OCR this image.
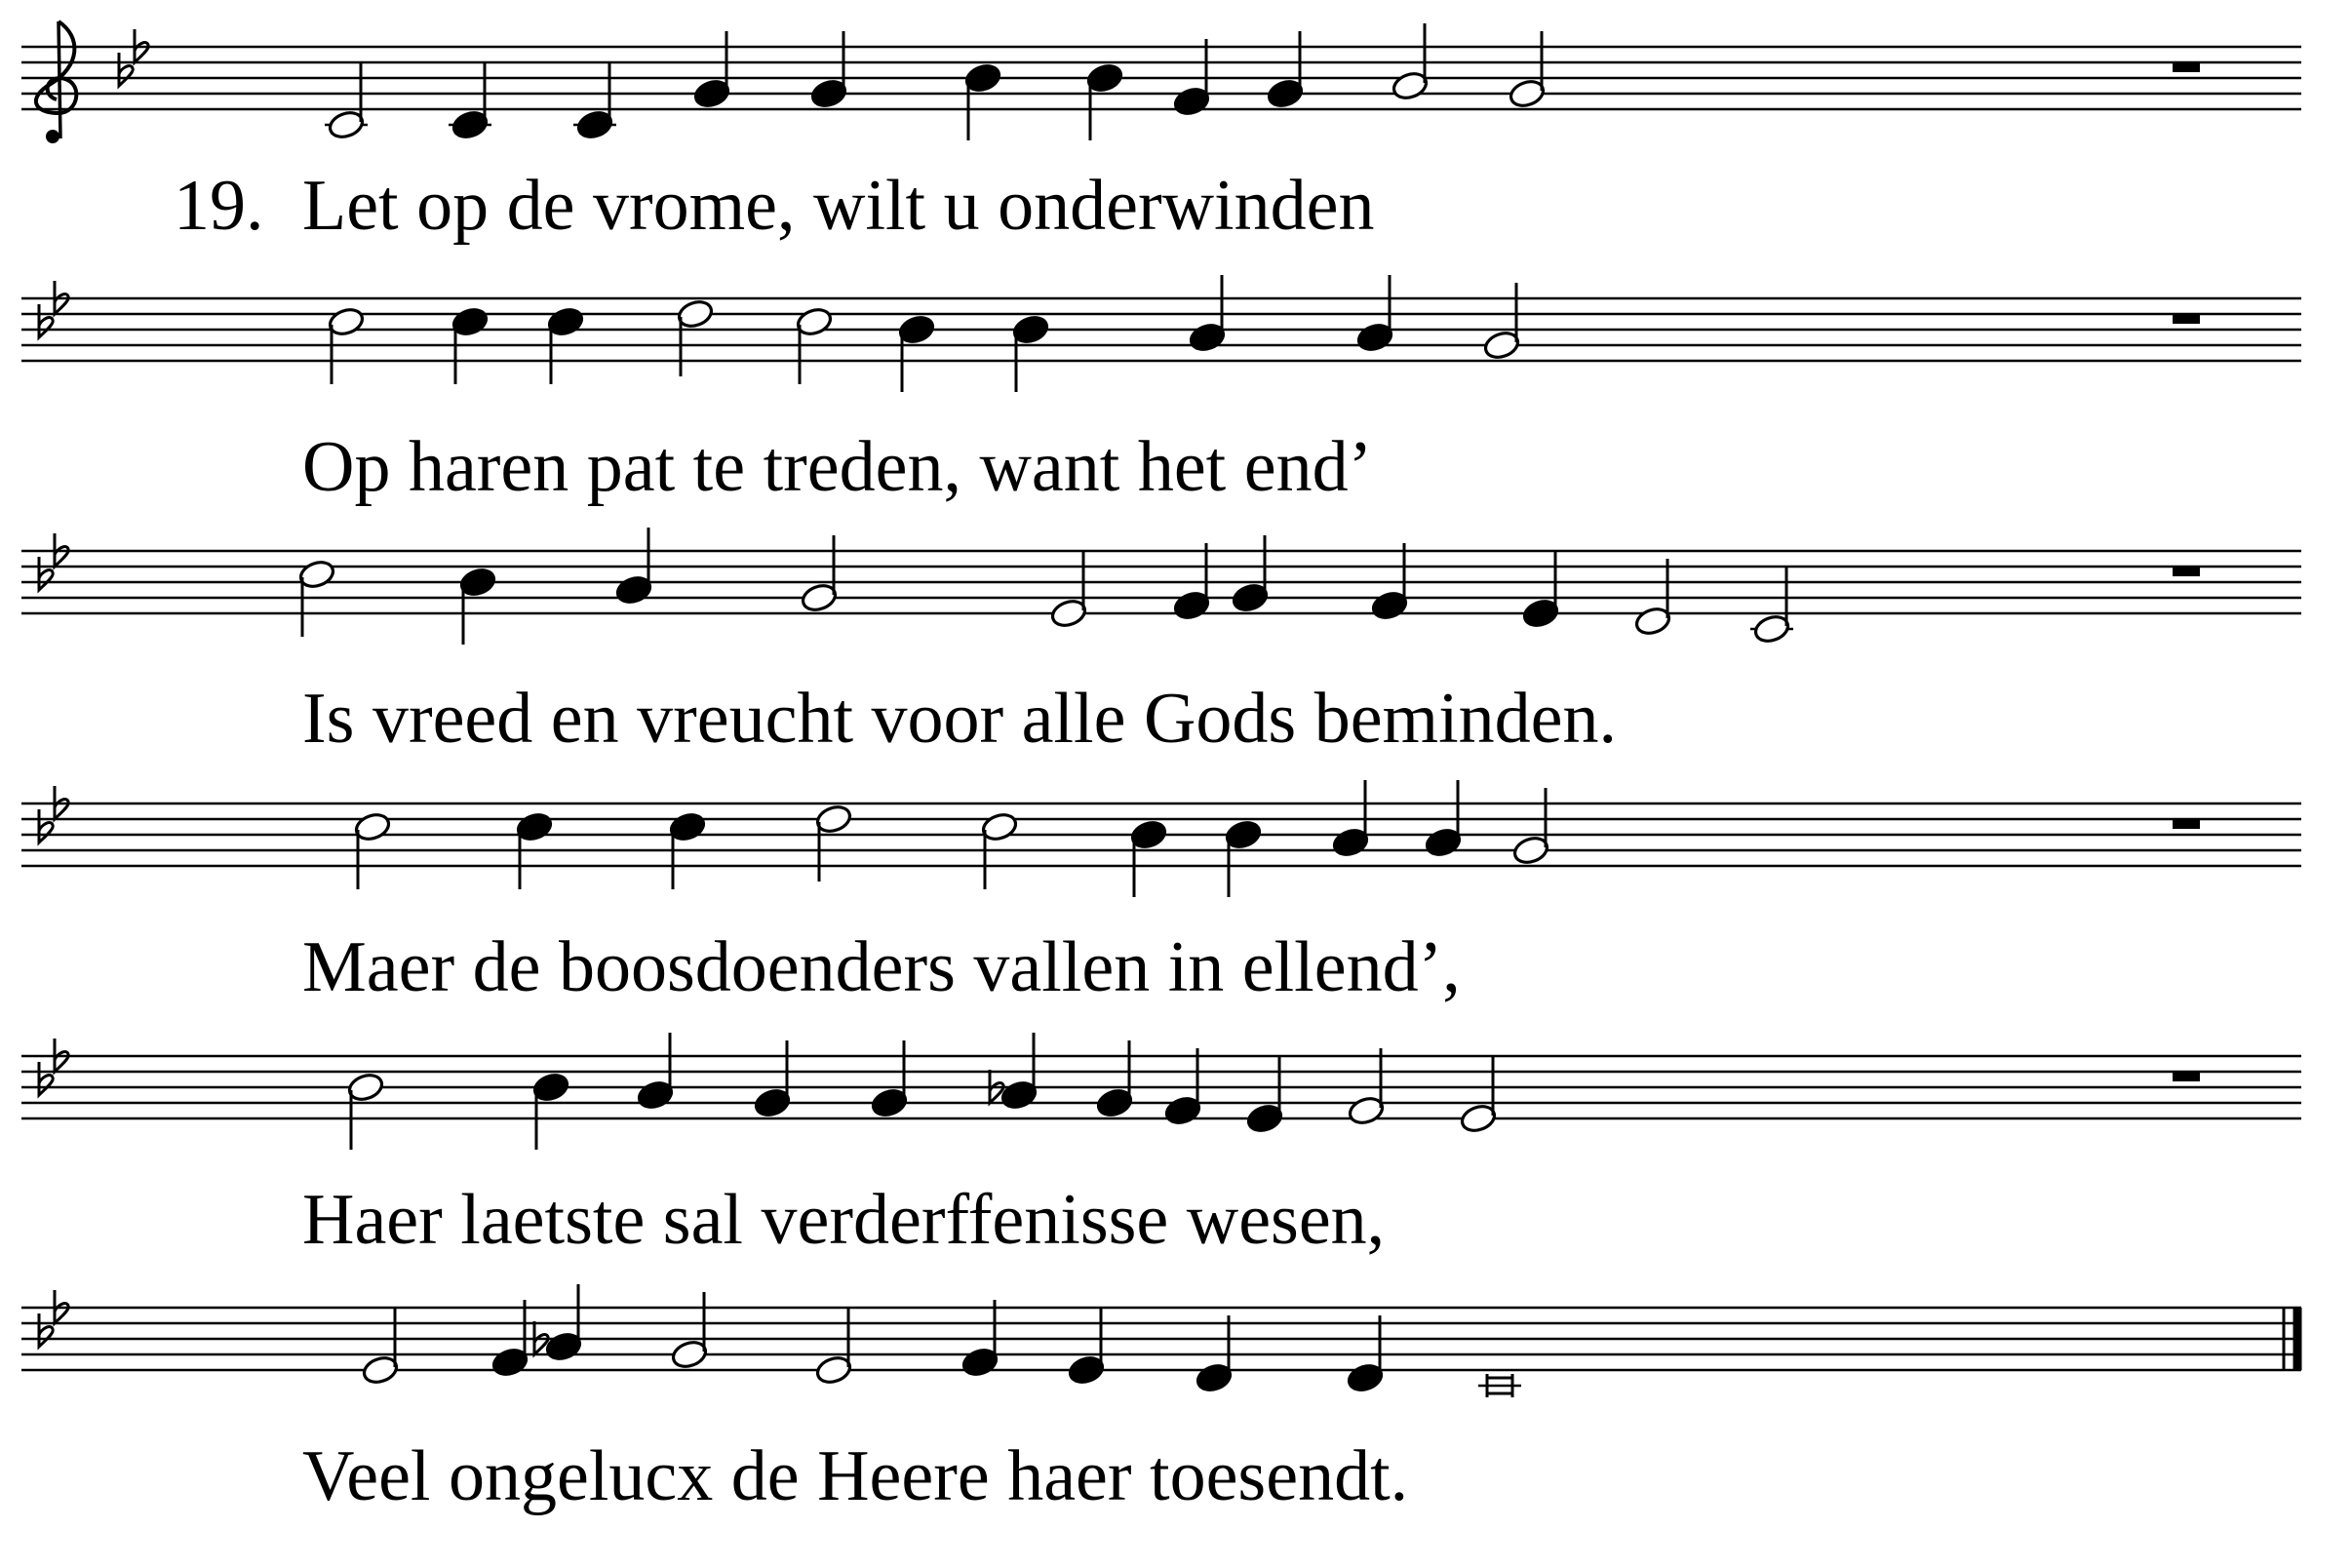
Let op de vrome, wilt u onderwinden
Op haren pat te treden, want het end’
Is vreed en vreucht voor alle Gods beminden.
Maer de boosdoenders vallen in ellend’,
Haer laetste sal verderffenisse wesen,
Veel ongelucx de Heere haer toesendt.
19.
